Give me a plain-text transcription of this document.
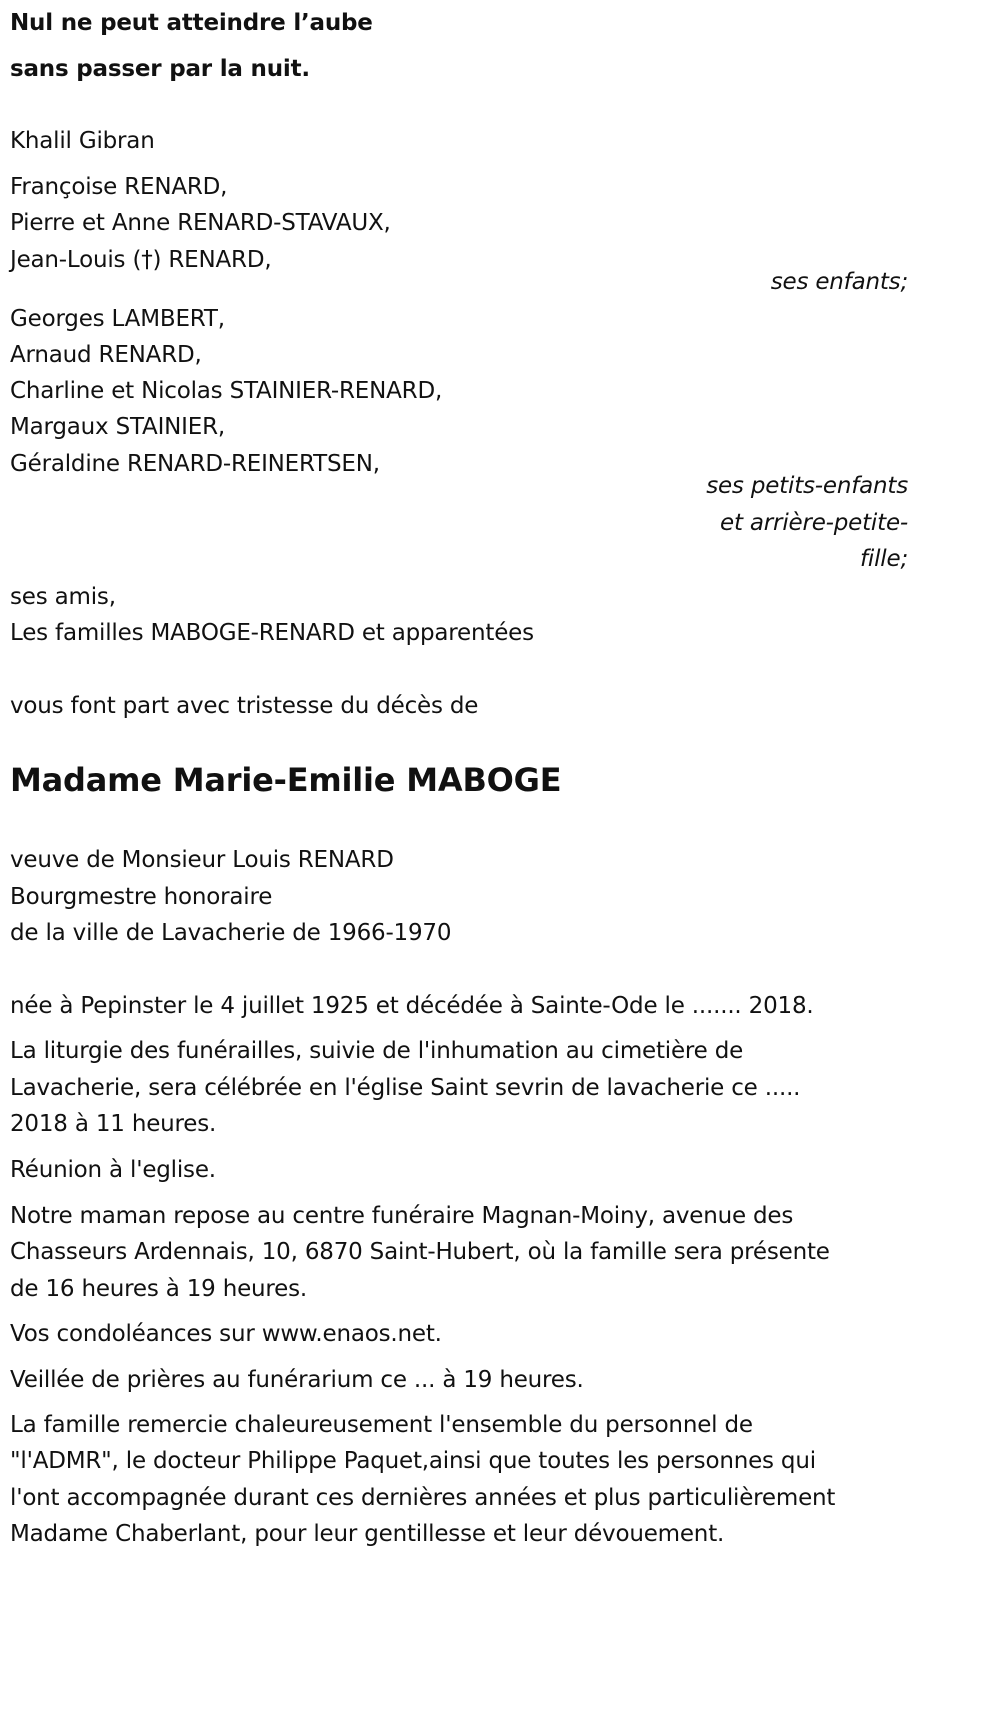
Nul ne peut atteindre l’aube
sans passer par la nuit.
Khalil Gibran
Françoise RENARD,
Pierre et Anne RENARD-STAVAUX,
Jean-Louis (†) RENARD,
ses enfants;
Georges LAMBERT,
Arnaud RENARD,
Charline et Nicolas STAINIER-RENARD,
Margaux STAINIER,
Géraldine RENARD-REINERTSEN,
ses petits-enfants
et arrière-petite-
fille;
ses amis,
Les familles MABOGE-RENARD et apparentées
vous font part avec tristesse du décès de
Madame Marie-Emilie MABOGE
veuve de Monsieur Louis RENARD
Bourgmestre honoraire
de la ville de Lavacherie de 1966-1970
née à Pepinster le 4 juillet 1925 et décédée à Sainte-Ode le ....... 2018.
La liturgie des funérailles, suivie de l'inhumation au cimetière de
Lavacherie, sera célébrée en l'église Saint sevrin de lavacherie ce .....
2018 à 11 heures.
Réunion à l'eglise.
Notre maman repose au centre funéraire Magnan-Moiny, avenue des
Chasseurs Ardennais, 10, 6870 Saint-Hubert, où la famille sera présente
de 16 heures à 19 heures.
Vos condoléances sur www.enaos.net.
Veillée de prières au funérarium ce ... à 19 heures.
La famille remercie chaleureusement l'ensemble du personnel de
"l'ADMR", le docteur Philippe Paquet,ainsi que toutes les personnes qui
l'ont accompagnée durant ces dernières années et plus particulièrement
Madame Chaberlant, pour leur gentillesse et leur dévouement.
